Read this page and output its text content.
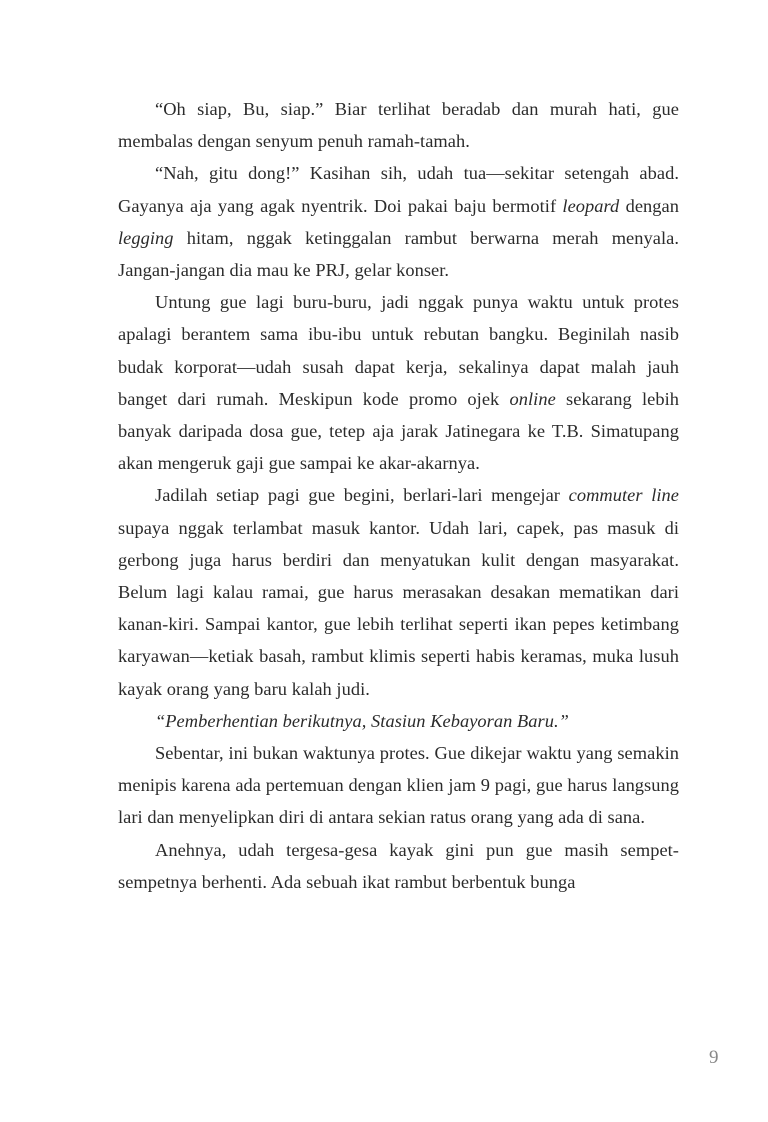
“Oh siap, Bu, siap.” Biar terlihat beradab dan murah hati, gue membalas dengan senyum penuh ramah-tamah.

“Nah, gitu dong!” Kasihan sih, udah tua—sekitar setengah abad. Gayanya aja yang agak nyentrik. Doi pakai baju bermotif leopard dengan legging hitam, nggak ketinggalan rambut berwarna merah menyala. Jangan-jangan dia mau ke PRJ, gelar konser.

Untung gue lagi buru-buru, jadi nggak punya waktu untuk protes apalagi berantem sama ibu-ibu untuk rebutan bangku. Beginilah nasib budak korporat—udah susah dapat kerja, sekalinya dapat malah jauh banget dari rumah. Meskipun kode promo ojek online sekarang lebih banyak daripada dosa gue, tetep aja jarak Jatinegara ke T.B. Simatupang akan mengeruk gaji gue sampai ke akar-akarnya.

Jadilah setiap pagi gue begini, berlari-lari mengejar commuter line supaya nggak terlambat masuk kantor. Udah lari, capek, pas masuk di gerbong juga harus berdiri dan menyatukan kulit dengan masyarakat. Belum lagi kalau ramai, gue harus merasakan desakan mematikan dari kanan-kiri. Sampai kantor, gue lebih terlihat seperti ikan pepes ketimbang karyawan—ketiak basah, rambut klimis seperti habis keramas, muka lusuh kayak orang yang baru kalah judi.

“Pemberhentian berikutnya, Stasiun Kebayoran Baru.”

Sebentar, ini bukan waktunya protes. Gue dikejar waktu yang semakin menipis karena ada pertemuan dengan klien jam 9 pagi, gue harus langsung lari dan menyelipkan diri di antara sekian ratus orang yang ada di sana.

Anehnya, udah tergesa-gesa kayak gini pun gue masih sempet-sempetnya berhenti. Ada sebuah ikat rambut berbentuk bunga

9
